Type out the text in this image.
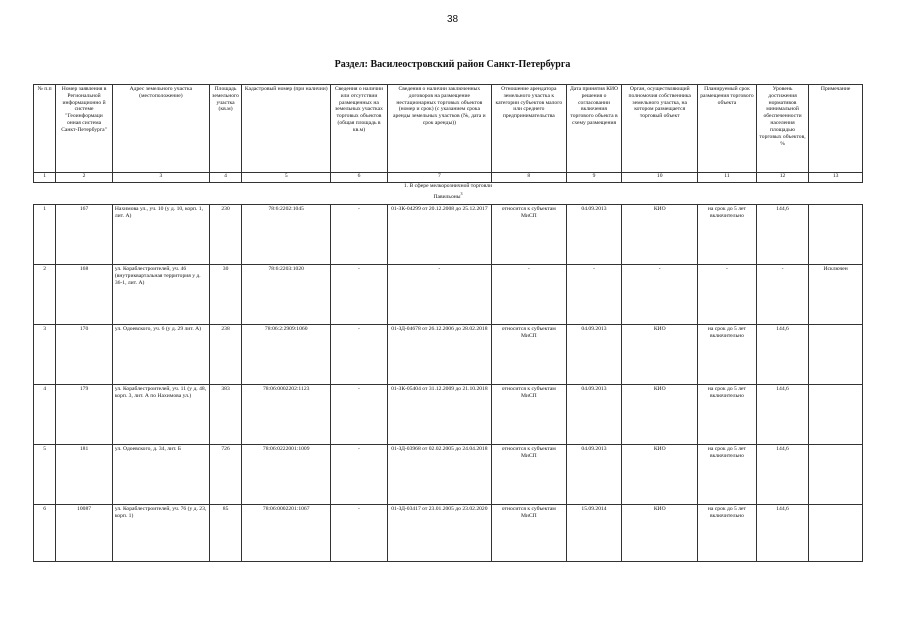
38
Раздел: Василеостровский район Санкт-Петербурга
№ п.п	Номер заявления в Региональной информационно й системе "Геоинформаци онная система Санкт-Петербурга"	Адрес земельного участка (местоположение)	Площадь земельного участка (кв.м)	Кадастровый номер (при наличии)	Сведения о наличии или отсутствии размещенных на земельных участках торговых объектов (общая площадь в кв.м)	Сведения о наличии заключенных договоров на размещение нестационарных торговых объектов (номер и срок) (с указанием срока аренды земельных участков (№, дата и срок аренды))	Отношение арендатора земельного участка к категории субъектов малого или среднего предпринимательства	Дата принятия КИО решения о согласовании включения торгового объекта в схему размещения	Орган, осуществляющий полномочия собственника земельного участка, на котором размещается торговый объект	Планируемый срок размещения торгового объекта	Уровень достижения нормативов минимальной обеспеченности населения площадью торговых объектов, %	Примечание
1	2	3	4	5	6	7	8	9	10	11	12	13
1. В сфере мелкорозничной торговли												
Павильоны$^3$
1	167	Нахимова ул., уч. 10 (у д. 10, корп. 1, лит. А)	230	78:6:2202:1045	-	01-ЗК-04299 от 20.12.2008 до 25.12.2017	относится к субъектам МиСП	04.09.2013	КИО	на срок до 5 лет включительно	144,6	
2	168	ул. Кораблестроителей, уч. 46 (внутриквартальная территория у д. 36-1, лит. А)	30	78:6:2203:1020	-	-	-	-	-	-	-	Исключен
3	170	ул. Одоевского, уч. 6 (у д. 29 лит. А)	238	78:06:2:2909:1060	-	01-ЗД-04678 от 26.12.2006 до 28.02.2018	относится к субъектам МиСП	04.09.2013	КИО	на срок до 5 лет включительно	144,6	
4	179	ул. Кораблестроителей, уч. 11 (у д. 48, корп. 3, лит. А по Нахимова ул.)	383	78:06:0002202:1123	-	01-ЗК-05404 от 31.12.2009 до 21.10.2018	относится к субъектам МиСП	04.09.2013	КИО	на срок до 5 лет включительно	144,6	
5	181	ул. Одоевского, д. 34, лит. Б	726	78:06:0222001:1009	-	01-ЗД-03968 от 02.02.2005 до 24.04.2018	относится к субъектам МиСП	04.09.2013	КИО	на срок до 5 лет включительно	144,6	
6	10087	ул. Кораблестроителей, уч. 76 (у д. 23, корп. 1)	85	78:06:0002201:1067	-	01-ЗД-03417 от 23.01.2005 до 23.02.2020	относится к субъектам МиСП	15.09.2014	КИО	на срок до 5 лет включительно	144,6	
